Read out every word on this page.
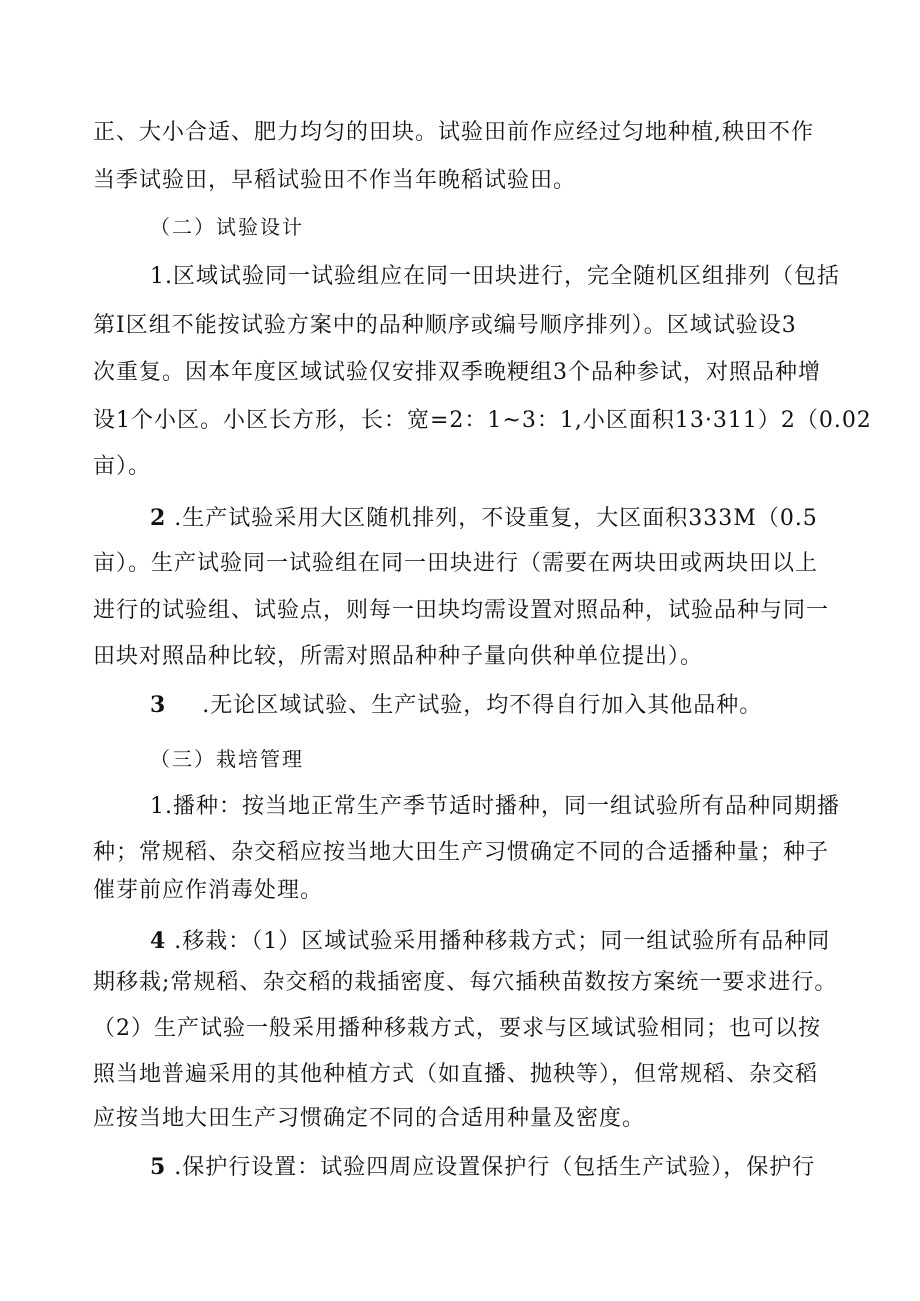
正、大小合适、肥力均匀的田块。试验田前作应经过匀地种植,秧田不作
当季试验田，早稻试验田不作当年晚稻试验田。
（二）试验设计
1.区域试验同一试验组应在同一田块进行，完全随机区组排列（包括
第I区组不能按试验方案中的品种顺序或编号顺序排列）。区域试验设3
次重复。因本年度区域试验仅安排双季晚粳组3个品种参试，对照品种增
设1个小区。小区长方形，长：宽=2：1~3：1,小区面积13·311）2（0.02
亩）。
2 .生产试验采用大区随机排列，不设重复，大区面积333M（0.5
亩）。生产试验同一试验组在同一田块进行（需要在两块田或两块田以上
进行的试验组、试验点，则每一田块均需设置对照品种，试验品种与同一
田块对照品种比较，所需对照品种种子量向供种单位提出）。
3 .无论区域试验、生产试验，均不得自行加入其他品种。
（三）栽培管理
1.播种：按当地正常生产季节适时播种，同一组试验所有品种同期播
种；常规稻、杂交稻应按当地大田生产习惯确定不同的合适播种量；种子
催芽前应作消毒处理。
4 .移栽：（1）区域试验采用播种移栽方式；同一组试验所有品种同
期移栽;常规稻、杂交稻的栽插密度、每穴插秧苗数按方案统一要求进行。
（2）生产试验一般采用播种移栽方式，要求与区域试验相同；也可以按
照当地普遍采用的其他种植方式（如直播、抛秧等），但常规稻、杂交稻
应按当地大田生产习惯确定不同的合适用种量及密度。
5 .保护行设置：试验四周应设置保护行（包括生产试验），保护行
